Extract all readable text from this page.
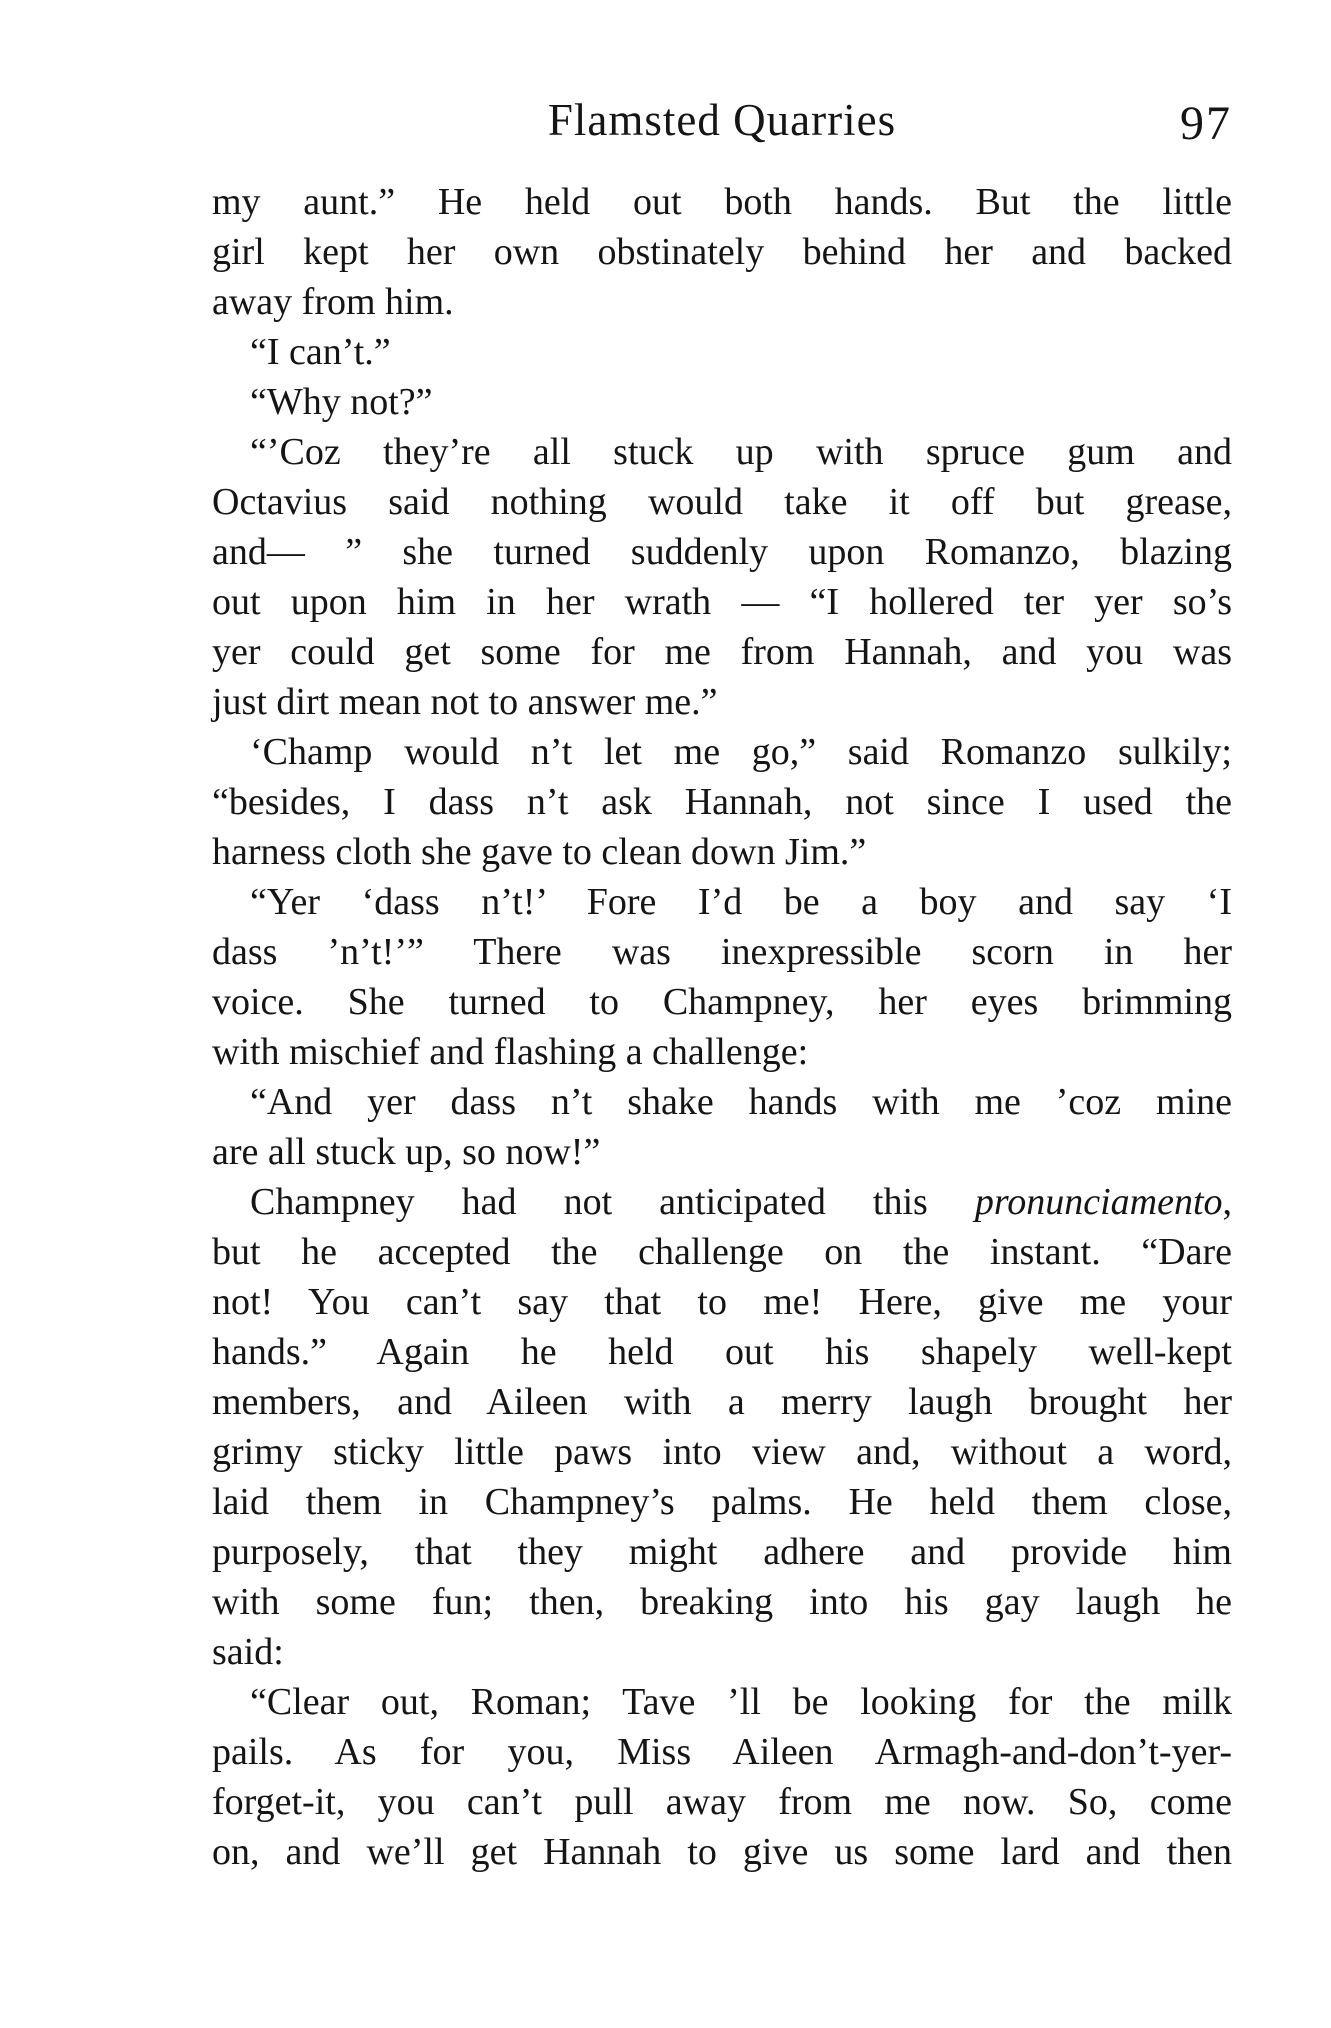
Flamsted Quarries	97
my aunt.” He held out both hands. But the little
girl kept her own obstinately behind her and backed
away from him.
“I can’t.”
“Why not?”
“’Coz they’re all stuck up with spruce gum and
Octavius said nothing would take it off but grease,
and— ” she turned suddenly upon Romanzo, blazing
out upon him in her wrath — “I hollered ter yer so’s
yer could get some for me from Hannah, and you was
just dirt mean not to answer me.”
‘Champ would n’t let me go,” said Romanzo sulkily;
“besides, I dass n’t ask Hannah, not since I used the
harness cloth she gave to clean down Jim.”
“Yer ‘dass n’t!’ Fore I’d be a boy and say ‘I
dass ’n’t!’” There was inexpressible scorn in her
voice. She turned to Champney, her eyes brimming
with mischief and flashing a challenge:
“And yer dass n’t shake hands with me ’coz mine
are all stuck up, so now!”
Champney had not anticipated this pronunciamento,
but he accepted the challenge on the instant. “Dare
not! You can’t say that to me! Here, give me your
hands.” Again he held out his shapely well-kept
members, and Aileen with a merry laugh brought her
grimy sticky little paws into view and, without a word,
laid them in Champney’s palms. He held them close,
purposely, that they might adhere and provide him
with some fun; then, breaking into his gay laugh he
said:
“Clear out, Roman; Tave ’ll be looking for the milk
pails. As for you, Miss Aileen Armagh-and-don’t-yer-
forget-it, you can’t pull away from me now. So, come
on, and we’ll get Hannah to give us some lard and then
